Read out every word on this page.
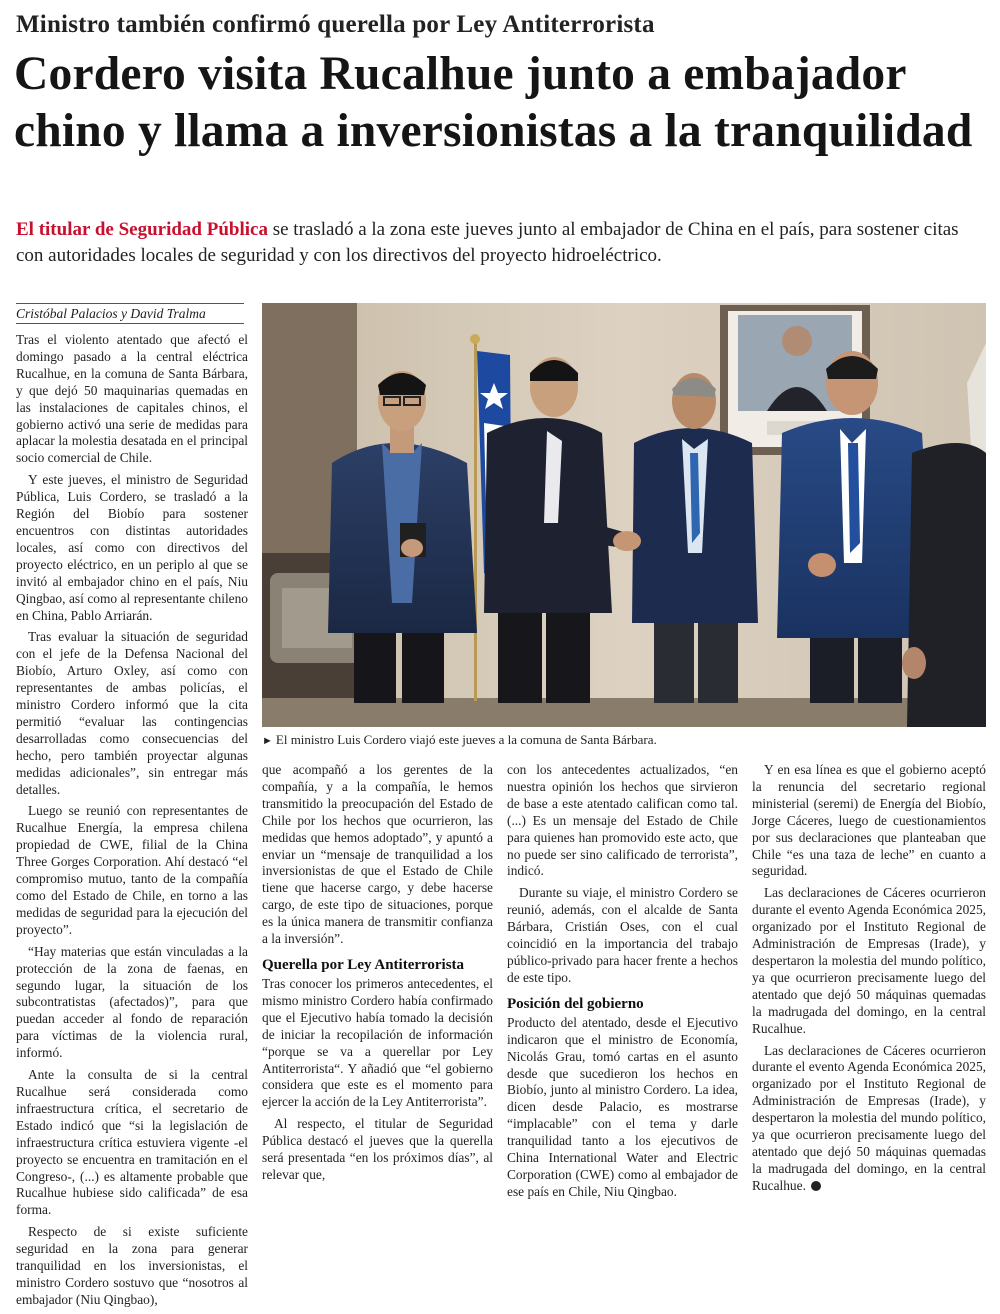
Ministro también confirmó querella por Ley Antiterrorista
Cordero visita Rucalhue junto a embajador chino y llama a inversionistas a la tranquilidad

El titular de Seguridad Pública se trasladó a la zona este jueves junto al embajador de China en el país, para sostener citas con autoridades locales de seguridad y con los directivos del proyecto hidroeléctrico.

Cristóbal Palacios y David Tralma

Tras el violento atentado que afectó el domingo pasado a la central eléctrica Rucalhue, en la comuna de Santa Bárbara, y que dejó 50 maquinarias quemadas en las instalaciones de capitales chinos, el gobierno activó una serie de medidas para aplacar la molestia desatada en el principal socio comercial de Chile.

Y este jueves, el ministro de Seguridad Pública, Luis Cordero, se trasladó a la Región del Biobío para sostener encuentros con distintas autoridades locales, así como con directivos del proyecto eléctrico, en un periplo al que se invitó al embajador chino en el país, Niu Qingbao, así como al representante chileno en China, Pablo Arriarán.

Tras evaluar la situación de seguridad con el jefe de la Defensa Nacional del Biobío, Arturo Oxley, así como con representantes de ambas policías, el ministro Cordero informó que la cita permitió “evaluar las contingencias desarrolladas como consecuencias del hecho, pero también proyectar algunas medidas adicionales”, sin entregar más detalles.

Luego se reunió con representantes de Rucalhue Energía, la empresa chilena propiedad de CWE, filial de la China Three Gorges Corporation. Ahí destacó “el compromiso mutuo, tanto de la compañía como del Estado de Chile, en torno a las medidas de seguridad para la ejecución del proyecto”.

“Hay materias que están vinculadas a la protección de la zona de faenas, en segundo lugar, la situación de los subcontratistas (afectados)”, para que puedan acceder al fondo de reparación para víctimas de la violencia rural, informó.

Ante la consulta de si la central Rucalhue será considerada como infraestructura crítica, el secretario de Estado indicó que “si la legislación de infraestructura crítica estuviera vigente -el proyecto se encuentra en tramitación en el Congreso-, (...) es altamente probable que Rucalhue hubiese sido calificada” de esa forma.

Respecto de si existe suficiente seguridad en la zona para generar tranquilidad en los inversionistas, el ministro Cordero sostuvo que “nosotros al embajador (Niu Qingbao),

► El ministro Luis Cordero viajó este jueves a la comuna de Santa Bárbara.

que acompañó a los gerentes de la compañía, y a la compañía, le hemos transmitido la preocupación del Estado de Chile por los hechos que ocurrieron, las medidas que hemos adoptado”, y apuntó a enviar un “mensaje de tranquilidad a los inversionistas de que el Estado de Chile tiene que hacerse cargo, y debe hacerse cargo, de este tipo de situaciones, porque es la única manera de transmitir confianza a la inversión”.

Querella por Ley Antiterrorista

Tras conocer los primeros antecedentes, el mismo ministro Cordero había confirmado que el Ejecutivo había tomado la decisión de iniciar la recopilación de información “porque se va a querellar por Ley Antiterrorista“. Y añadió que “el gobierno considera que este es el momento para ejercer la acción de la Ley Antiterrorista”.

Al respecto, el titular de Seguridad Pública destacó el jueves que la querella será presentada “en los próximos días”, al relevar que,

con los antecedentes actualizados, “en nuestra opinión los hechos que sirvieron de base a este atentado califican como tal. (...) Es un mensaje del Estado de Chile para quienes han promovido este acto, que no puede ser sino calificado de terrorista”, indicó.

Durante su viaje, el ministro Cordero se reunió, además, con el alcalde de Santa Bárbara, Cristián Oses, con el cual coincidió en la importancia del trabajo público-privado para hacer frente a hechos de este tipo.

Posición del gobierno

Producto del atentado, desde el Ejecutivo indicaron que el ministro de Economía, Nicolás Grau, tomó cartas en el asunto desde que sucedieron los hechos en Biobío, junto al ministro Cordero. La idea, dicen desde Palacio, es mostrarse “implacable” con el tema y darle tranquilidad tanto a los ejecutivos de China International Water and Electric Corporation (CWE) como al embajador de ese país en Chile, Niu Qingbao.

Y en esa línea es que el gobierno aceptó la renuncia del secretario regional ministerial (seremi) de Energía del Biobío, Jorge Cáceres, luego de cuestionamientos por sus declaraciones que planteaban que Chile “es una taza de leche” en cuanto a seguridad.

Las declaraciones de Cáceres ocurrieron durante el evento Agenda Económica 2025, organizado por el Instituto Regional de Administración de Empresas (Irade), y despertaron la molestia del mundo político, ya que ocurrieron precisamente luego del atentado que dejó 50 máquinas quemadas la madrugada del domingo, en la central Rucalhue.

Las declaraciones de Cáceres ocurrieron durante el evento Agenda Económica 2025, organizado por el Instituto Regional de Administración de Empresas (Irade), y despertaron la molestia del mundo político, ya que ocurrieron precisamente luego del atentado que dejó 50 máquinas quemadas la madrugada del domingo, en la central Rucalhue.
